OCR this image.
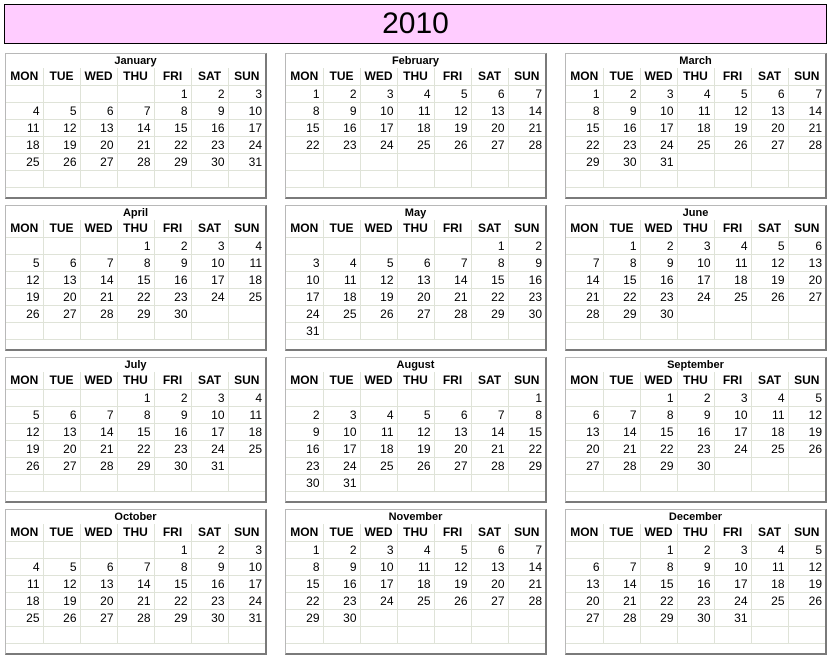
2010
January
MON	TUE	WED	THU	FRI	SAT	SUN
				1	2	3
4	5	6	7	8	9	10
11	12	13	14	15	16	17
18	19	20	21	22	23	24
25	26	27	28	29	30	31

February
MON	TUE	WED	THU	FRI	SAT	SUN
1	2	3	4	5	6	7
8	9	10	11	12	13	14
15	16	17	18	19	20	21
22	23	24	25	26	27	28

March
MON	TUE	WED	THU	FRI	SAT	SUN
1	2	3	4	5	6	7
8	9	10	11	12	13	14
15	16	17	18	19	20	21
22	23	24	25	26	27	28
29	30	31				

April
MON	TUE	WED	THU	FRI	SAT	SUN
			1	2	3	4
5	6	7	8	9	10	11
12	13	14	15	16	17	18
19	20	21	22	23	24	25
26	27	28	29	30		

May
MON	TUE	WED	THU	FRI	SAT	SUN
					1	2
3	4	5	6	7	8	9
10	11	12	13	14	15	16
17	18	19	20	21	22	23
24	25	26	27	28	29	30
31						
June
MON	TUE	WED	THU	FRI	SAT	SUN
	1	2	3	4	5	6
7	8	9	10	11	12	13
14	15	16	17	18	19	20
21	22	23	24	25	26	27
28	29	30				

July
MON	TUE	WED	THU	FRI	SAT	SUN
			1	2	3	4
5	6	7	8	9	10	11
12	13	14	15	16	17	18
19	20	21	22	23	24	25
26	27	28	29	30	31	

August
MON	TUE	WED	THU	FRI	SAT	SUN
						1
2	3	4	5	6	7	8
9	10	11	12	13	14	15
16	17	18	19	20	21	22
23	24	25	26	27	28	29
30	31					
September
MON	TUE	WED	THU	FRI	SAT	SUN
		1	2	3	4	5
6	7	8	9	10	11	12
13	14	15	16	17	18	19
20	21	22	23	24	25	26
27	28	29	30			

October
MON	TUE	WED	THU	FRI	SAT	SUN
				1	2	3
4	5	6	7	8	9	10
11	12	13	14	15	16	17
18	19	20	21	22	23	24
25	26	27	28	29	30	31

November
MON	TUE	WED	THU	FRI	SAT	SUN
1	2	3	4	5	6	7
8	9	10	11	12	13	14
15	16	17	18	19	20	21
22	23	24	25	26	27	28
29	30					

December
MON	TUE	WED	THU	FRI	SAT	SUN
		1	2	3	4	5
6	7	8	9	10	11	12
13	14	15	16	17	18	19
20	21	22	23	24	25	26
27	28	29	30	31		
